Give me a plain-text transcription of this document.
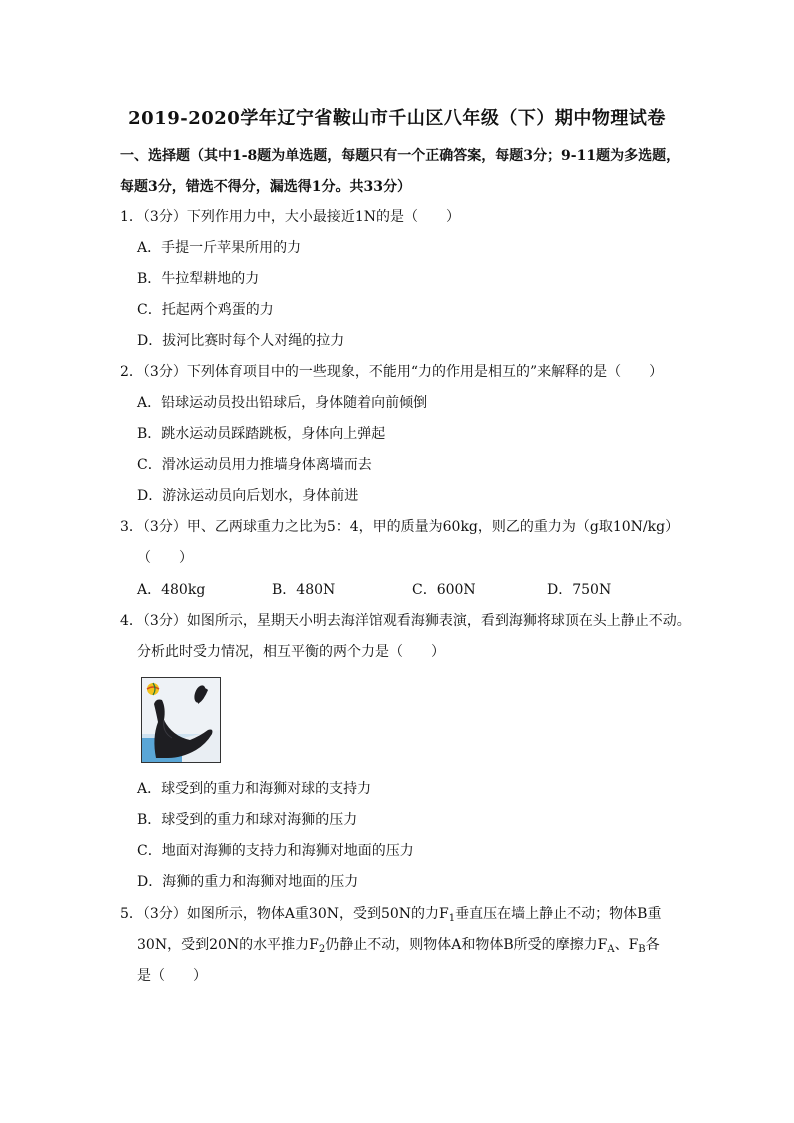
2019-2020学年辽宁省鞍山市千山区八年级（下）期中物理试卷
一、选择题（其中1-8题为单选题，每题只有一个正确答案，每题3分；9-11题为多选题，
每题3分，错选不得分，漏选得1分。共33分）
1．（3分）下列作用力中，大小最接近1N的是（　　）
A．手提一斤苹果所用的力
B．牛拉犁耕地的力
C．托起两个鸡蛋的力
D．拔河比赛时每个人对绳的拉力
2．（3分）下列体育项目中的一些现象，不能用“力的作用是相互的”来解释的是（　　）
A．铅球运动员投出铅球后，身体随着向前倾倒
B．跳水运动员踩踏跳板，身体向上弹起
C．滑冰运动员用力推墙身体离墙而去
D．游泳运动员向后划水，身体前进
3．（3分）甲、乙两球重力之比为5：4，甲的质量为60kg，则乙的重力为（g取10N/kg）
（　　）
A．480kg	B．480N	C．600N	D．750N
4．（3分）如图所示，星期天小明去海洋馆观看海狮表演，看到海狮将球顶在头上静止不动。
分析此时受力情况，相互平衡的两个力是（　　）
A．球受到的重力和海狮对球的支持力
B．球受到的重力和球对海狮的压力
C．地面对海狮的支持力和海狮对地面的压力
D．海狮的重力和海狮对地面的压力
5．（3分）如图所示，物体A重30N，受到50N的力$F_1$垂直压在墙上静止不动；物体B重
30N，受到20N的水平推力$F_2$仍静止不动，则物体A和物体B所受的摩擦力$F_A$、$F_B$各
是（　　）
